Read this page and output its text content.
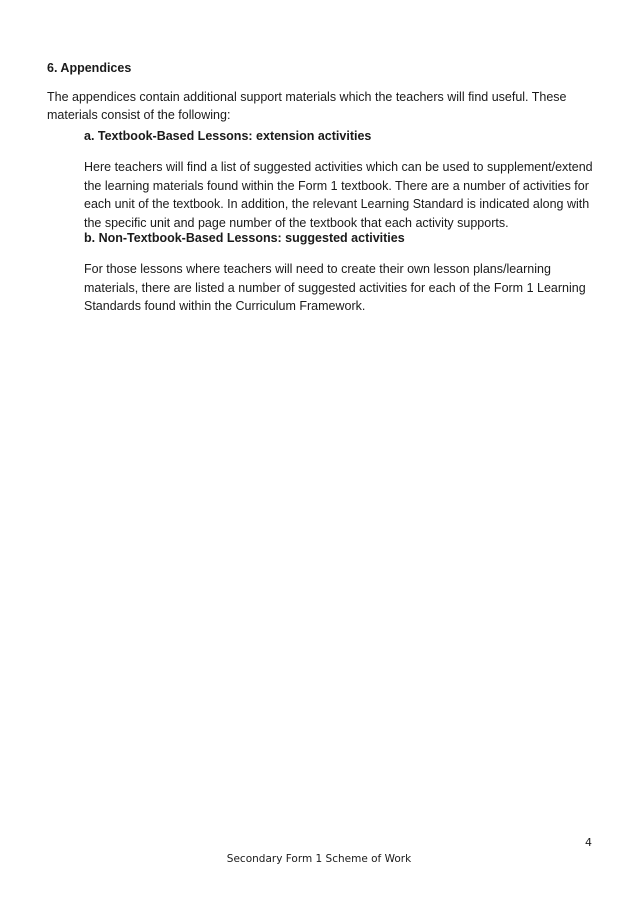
6. Appendices

The appendices contain additional support materials which the teachers will find useful. These materials consist of the following:

a. Textbook-Based Lessons: extension activities

Here teachers will find a list of suggested activities which can be used to supplement/extend the learning materials found within the Form 1 textbook. There are a number of activities for each unit of the textbook. In addition, the relevant Learning Standard is indicated along with the specific unit and page number of the textbook that each activity supports.

b. Non-Textbook-Based Lessons: suggested activities

For those lessons where teachers will need to create their own lesson plans/learning materials, there are listed a number of suggested activities for each of the Form 1 Learning Standards found within the Curriculum Framework.

4

Secondary Form 1 Scheme of Work
